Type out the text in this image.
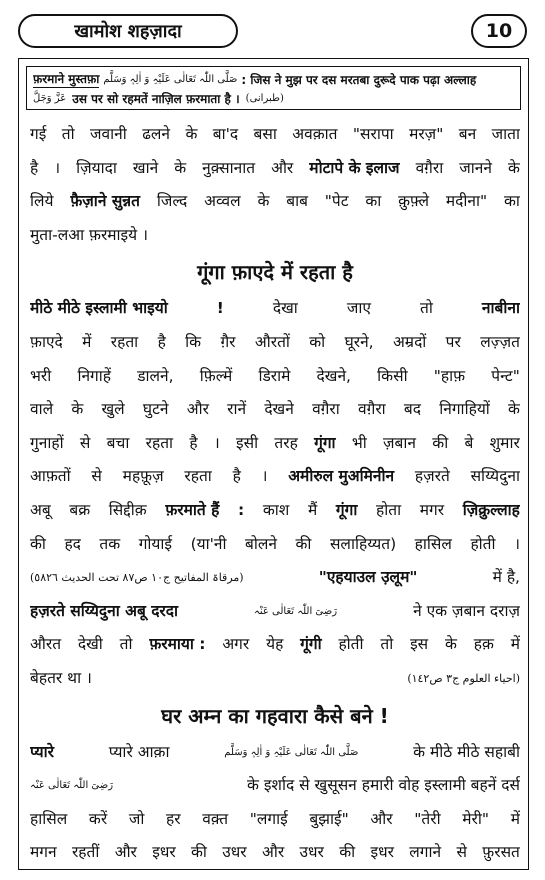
खामोश शहज़ादा	10
फ़रमाने मुस्तफ़ा صَلَّی اللّٰہ تَعَالٰی عَلَیْہِ وَ اٰلِہٖ وَسَلَّم : जिस ने मुझ पर दस मरतबा दुरूदे पाक पढ़ा अल्लाह
عَزَّ وَجَلَّ उस पर सो रहमतें नाज़िल फ़रमाता है । (طبرانی)
गई तो जवानी ढलने के बा'द बसा अवक़ात "सरापा मरज़" बन जाता
है । ज़ियादा खाने के नुक़्सानात और मोटापे के इलाज वग़ैरा जानने के
लिये फ़ैज़ाने सुन्नत जिल्द अव्वल के बाब "पेट का क़ुफ़्ले मदीना" का
मुता-लआ फ़रमाइये ।
गूंगा फ़ाएदे में रहता है
मीठे मीठे इस्लामी भाइयो	!	देखा	जाए	तो	नाबीना
फ़ाएदे में रहता है कि ग़ैर औरतों को घूरने, अम्रदों पर लज़्ज़त
भरी निगाहें डालने, फ़िल्में डिरामे देखने, किसी "हाफ़ पेन्ट"
वाले के खुले घुटने और रानें देखने वग़ैरा वग़ैरा बद निगाहियों के
गुनाहों से बचा रहता है । इसी तरह गूंगा भी ज़बान की बे शुमार
आफ़तों से महफ़ूज़ रहता है । अमीरुल मुअमिनीन हज़रते सय्यिदुना
अबू बक्र सिद्दीक़ फ़रमाते हैं : काश मैं गूंगा होता मगर ज़िक्रुल्लाह
की हद तक गोयाई (या'नी बोलने की सलाहिय्यत) हासिल होती ।
(مرقاۃ المفاتیح ج١٠ ص٨٧ تحت الحدیث ٥٨٢٦)	"एहयाउल उ़लूम"	में है,
हज़रते सय्यिदुना अबू दरदा	رَضِیَ اللّٰہ تَعَالٰی عَنْہ	ने एक ज़बान दराज़
औरत देखी तो फ़रमाया : अगर येह गूंगी होती तो इस के हक़ में
बेहतर था ।	(احیاء العلوم ج٣ ص١٤٢)
घर अम्न का गहवारा कैसे बने !
प्यारे	प्यारे आक़ा	صَلَّی اللّٰہ تَعَالٰی عَلَیْہِ وَ اٰلِہٖ وَسَلَّم	के मीठे मीठे सहाबी
رَضِیَ اللّٰہ تَعَالٰی عَنْہ	के इर्शाद से खुसूसन हमारी वोह इस्लामी बहनें दर्स
हासिल करें जो हर वक़्त "लगाई बुझाई" और "तेरी मेरी" में
मगन रहतीं और इधर की उधर और उधर की इधर लगाने से फ़ुरसत
